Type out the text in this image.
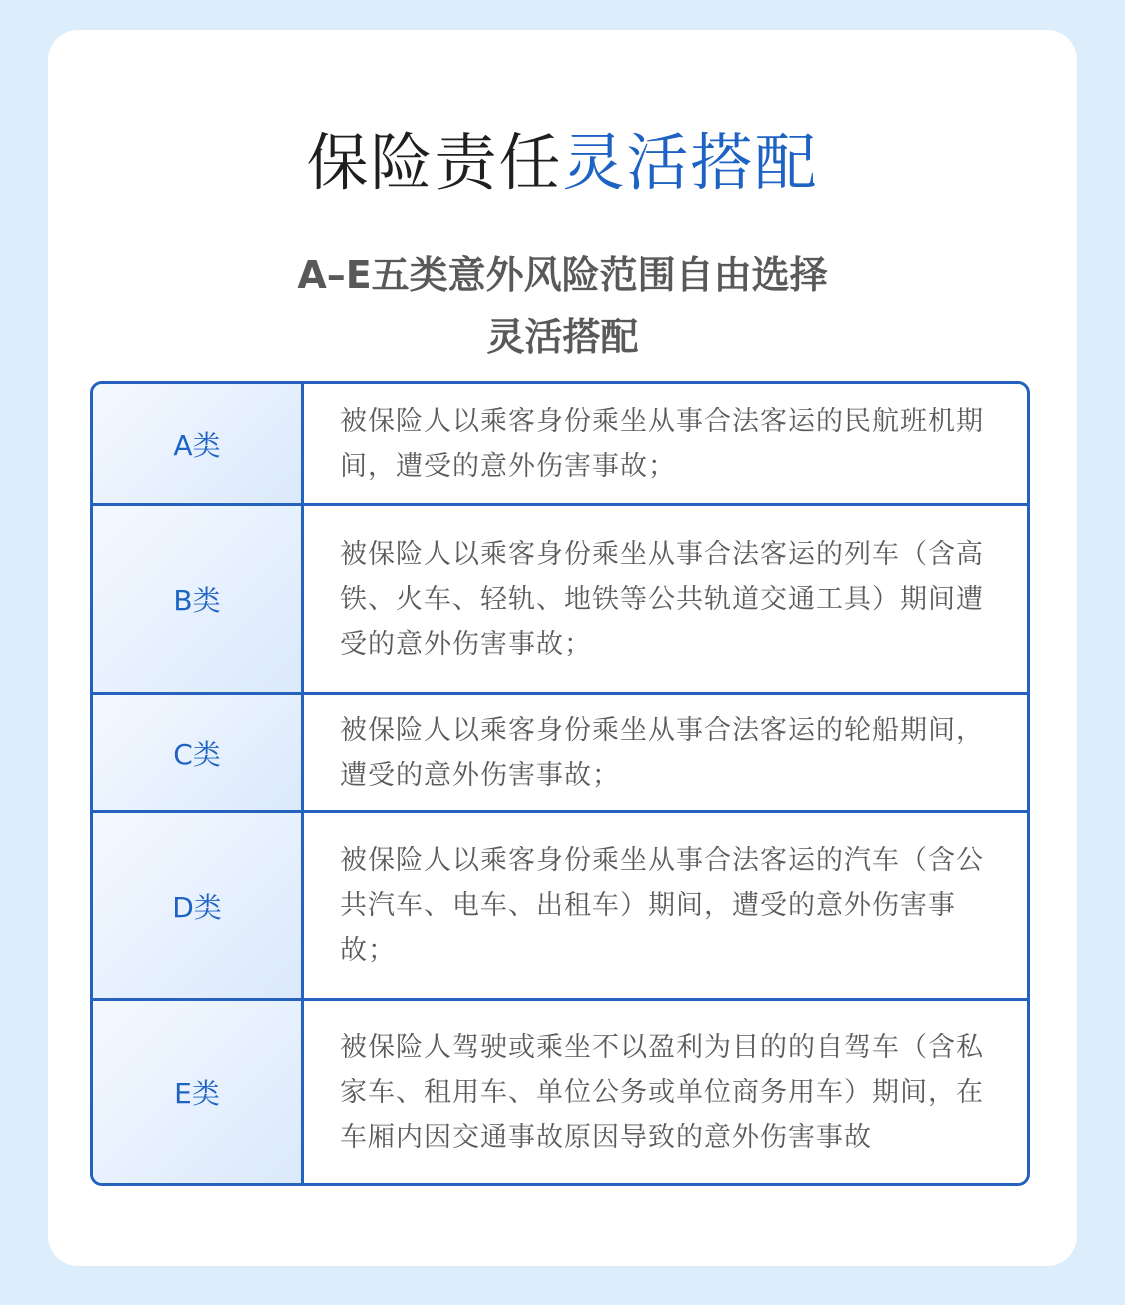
保险责任灵活搭配
A–E五类意外风险范围自由选择
灵活搭配
A类
被保险人以乘客身份乘坐从事合法客运的民航班机期间，遭受的意外伤害事故；
B类
被保险人以乘客身份乘坐从事合法客运的列车（含高铁、火车、轻轨、地铁等公共轨道交通工具）期间遭受的意外伤害事故；
C类
被保险人以乘客身份乘坐从事合法客运的轮船期间，遭受的意外伤害事故；
D类
被保险人以乘客身份乘坐从事合法客运的汽车（含公共汽车、电车、出租车）期间，遭受的意外伤害事故；
E类
被保险人驾驶或乘坐不以盈利为目的的自驾车（含私家车、租用车、单位公务或单位商务用车）期间，在车厢内因交通事故原因导致的意外伤害事故
